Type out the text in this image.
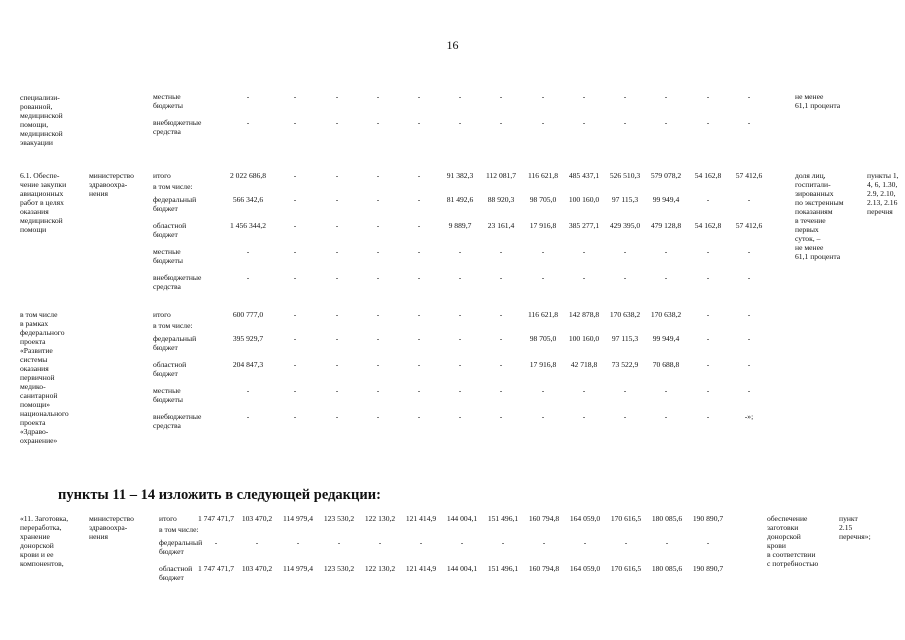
16
специализи-
рованной,
медицинской
помощи,
медицинской
эвакуации
местные
бюджеты
-	-	-	-	-	-	-	-	-	-	-	-	-	не менее
61,1 процента
внебюджетные
средства
-	-	-	-	-	-	-	-	-	-	-	-	-
6.1. Обеспе-
чение закупки
авиационных
работ в целях
оказания
медицинской
помощи
министерство
здравоохра-
нения
итого	2 022 686,8	-	-	-	-	91 382,3	112 081,7	116 621,8	485 437,1	526 510,3	579 078,2	54 162,8	57 412,6	доля лиц,
госпитали-
зированных
по экстренным
показаниям
в течение
первых
суток, –
не менее
61,1 процента
пункты 1,
4, 6, 1.30,
2.9, 2.10,
2.13, 2.16
перечня
в том числе:
федеральный
бюджет
566 342,6	-	-	-	-	81 492,6	88 920,3	98 705,0	100 160,0	97 115,3	99 949,4	-	-
областной
бюджет
1 456 344,2	-	-	-	-	9 889,7	23 161,4	17 916,8	385 277,1	429 395,0	479 128,8	54 162,8	57 412,6
местные
бюджеты
-	-	-	-	-	-	-	-	-	-	-	-	-
внебюджетные
средства
-	-	-	-	-	-	-	-	-	-	-	-	-
в том числе
в рамках
федерального
проекта
«Развитие
системы
оказания
первичной
медико-
санитарной
помощи»
национального
проекта
«Здраво-
охранение»
итого	600 777,0	-	-	-	-	-	-	116 621,8	142 878,8	170 638,2	170 638,2	-	-
в том числе:
федеральный
бюджет
395 929,7	-	-	-	-	-	-	98 705,0	100 160,0	97 115,3	99 949,4	-	-
областной
бюджет
204 847,3	-	-	-	-	-	-	17 916,8	42 718,8	73 522,9	70 688,8	-	-
местные
бюджеты
-	-	-	-	-	-	-	-	-	-	-	-	-
внебюджетные
средства
-	-	-	-	-	-	-	-	-	-	-	-	-»;
пункты 11 – 14 изложить в следующей редакции:
«11. Заготовка,
переработка,
хранение
донорской
крови и ее
компонентов,
министерство
здравоохра-
нения
итого	1 747 471,7	103 470,2	114 979,4	123 530,2	122 130,2	121 414,9	144 004,1	151 496,1	160 794,8	164 059,0	170 616,5	180 085,6	190 890,7	обеспечение
заготовки
донорской
крови
в соответствии
с потребностью
пункт
2.15
перечня»;
в том числе:
федеральный
бюджет
-	-	-	-	-	-	-	-	-	-	-	-	-
областной
бюджет
1 747 471,7	103 470,2	114 979,4	123 530,2	122 130,2	121 414,9	144 004,1	151 496,1	160 794,8	164 059,0	170 616,5	180 085,6	190 890,7
